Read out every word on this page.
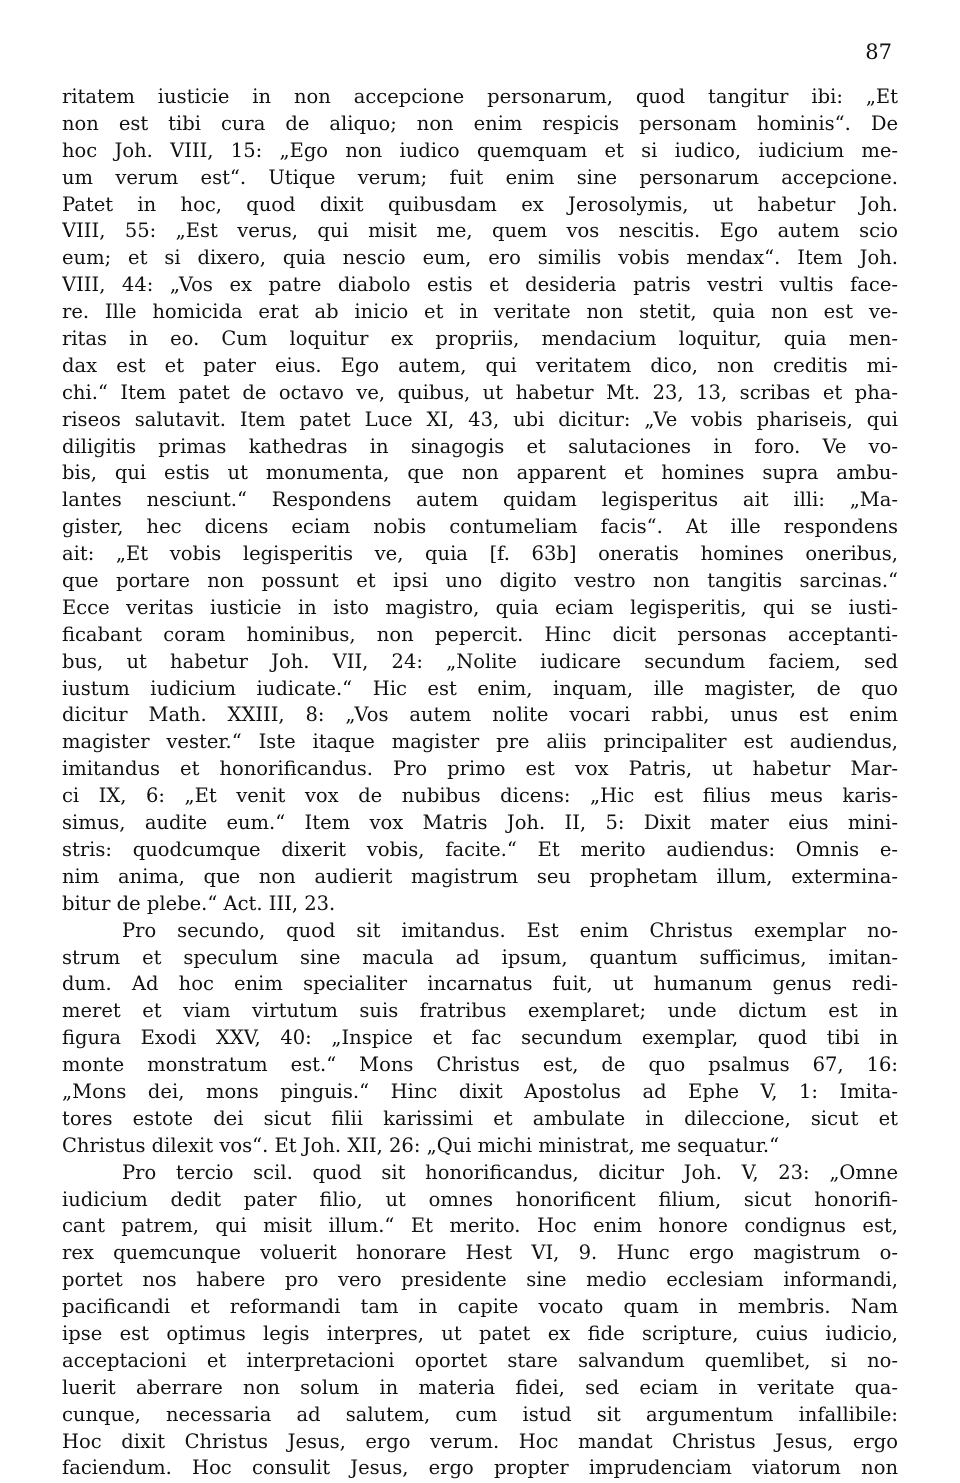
87
ritatem iusticie in non accepcione personarum, quod tangitur ibi: „Et
non est tibi cura de aliquo; non enim respicis personam hominis“. De
hoc Joh. VIII, 15: „Ego non iudico quemquam et si iudico, iudicium me-
um verum est“. Utique verum; fuit enim sine personarum accepcione.
Patet in hoc, quod dixit quibusdam ex Jerosolymis, ut habetur Joh.
VIII, 55: „Est verus, qui misit me, quem vos nescitis. Ego autem scio
eum; et si dixero, quia nescio eum, ero similis vobis mendax“. Item Joh.
VIII, 44: „Vos ex patre diabolo estis et desideria patris vestri vultis face-
re. Ille homicida erat ab inicio et in veritate non stetit, quia non est ve-
ritas in eo. Cum loquitur ex propriis, mendacium loquitur, quia men-
dax est et pater eius. Ego autem, qui veritatem dico, non creditis mi-
chi.“ Item patet de octavo ve, quibus, ut habetur Mt. 23, 13, scribas et pha-
riseos salutavit. Item patet Luce XI, 43, ubi dicitur: „Ve vobis phariseis, qui
diligitis primas kathedras in sinagogis et salutaciones in foro. Ve vo-
bis, qui estis ut monumenta, que non apparent et homines supra ambu-
lantes nesciunt.“ Respondens autem quidam legisperitus ait illi: „Ma-
gister, hec dicens eciam nobis contumeliam facis“. At ille respondens
ait: „Et vobis legisperitis ve, quia [f. 63b] oneratis homines oneribus,
que portare non possunt et ipsi uno digito vestro non tangitis sarcinas.“
Ecce veritas iusticie in isto magistro, quia eciam legisperitis, qui se iusti-
ficabant coram hominibus, non pepercit. Hinc dicit personas acceptanti-
bus, ut habetur Joh. VII, 24: „Nolite iudicare secundum faciem, sed
iustum iudicium iudicate.“ Hic est enim, inquam, ille magister, de quo
dicitur Math. XXIII, 8: „Vos autem nolite vocari rabbi, unus est enim
magister vester.“ Iste itaque magister pre aliis principaliter est audiendus,
imitandus et honorificandus. Pro primo est vox Patris, ut habetur Mar-
ci IX, 6: „Et venit vox de nubibus dicens: „Hic est filius meus karis-
simus, audite eum.“ Item vox Matris Joh. II, 5: Dixit mater eius mini-
stris: quodcumque dixerit vobis, facite.“ Et merito audiendus: Omnis e-
nim anima, que non audierit magistrum seu prophetam illum, extermina-
bitur de plebe.“ Act. III, 23.
Pro secundo, quod sit imitandus. Est enim Christus exemplar no-
strum et speculum sine macula ad ipsum, quantum sufficimus, imitan-
dum. Ad hoc enim specialiter incarnatus fuit, ut humanum genus redi-
meret et viam virtutum suis fratribus exemplaret; unde dictum est in
figura Exodi XXV, 40: „Inspice et fac secundum exemplar, quod tibi in
monte monstratum est.“ Mons Christus est, de quo psalmus 67, 16:
„Mons dei, mons pinguis.“ Hinc dixit Apostolus ad Ephe V, 1: Imita-
tores estote dei sicut filii karissimi et ambulate in dileccione, sicut et
Christus dilexit vos“. Et Joh. XII, 26: „Qui michi ministrat, me sequatur.“
Pro tercio scil. quod sit honorificandus, dicitur Joh. V, 23: „Omne
iudicium dedit pater filio, ut omnes honorificent filium, sicut honorifi-
cant patrem, qui misit illum.“ Et merito. Hoc enim honore condignus est,
rex quemcunque voluerit honorare Hest VI, 9. Hunc ergo magistrum o-
portet nos habere pro vero presidente sine medio ecclesiam informandi,
pacificandi et reformandi tam in capite vocato quam in membris. Nam
ipse est optimus legis interpres, ut patet ex fide scripture, cuius iudicio,
acceptacioni et interpretacioni oportet stare salvandum quemlibet, si no-
luerit aberrare non solum in materia fidei, sed eciam in veritate qua-
cunque, necessaria ad salutem, cum istud sit argumentum infallibile:
Hoc dixit Christus Jesus, ergo verum. Hoc mandat Christus Jesus, ergo
faciendum. Hoc consulit Jesus, ergo propter imprudenciam viatorum non
